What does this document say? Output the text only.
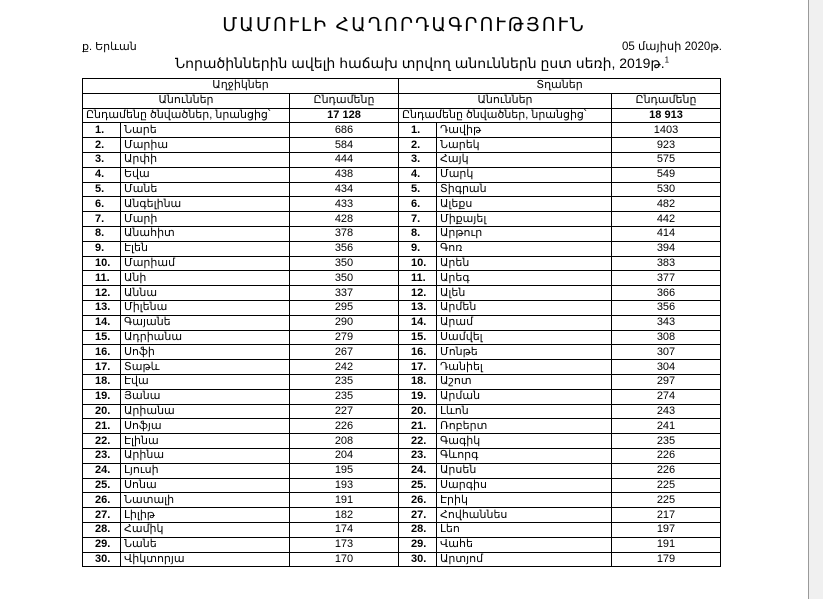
ՄԱՄՈՒԼԻ ՀԱՂՈՐԴԱԳՐՈՒԹՅՈՒՆ
ք. Երևան	05 մայիսի 2020թ.
Նորածիններին ավելի հաճախ տրվող անուններն ըստ սեռի, 2019թ.$^1$
Աղջիկներ			Տղաներ		
Անուններ		Ընդամենը	Անուններ		Ընդամենը
Ընդամենը ծնվածներ, նրանցից՝		17 128	Ընդամենը ծնվածներ, նրանցից՝		18 913
1.	Նարե	686	1.	Դավիթ	1403
2.	Մարիա	584	2.	Նարեկ	923
3.	Արփի	444	3.	Հայկ	575
4.	Եվա	438	4.	Մարկ	549
5.	Մանե	434	5.	Տիգրան	530
6.	Անգելինա	433	6.	Ալեքս	482
7.	Մարի	428	7.	Միքայել	442
8.	Անահիտ	378	8.	Արթուր	414
9.	Էլեն	356	9.	Գոռ	394
10.	Մարիամ	350	10.	Արեն	383
11.	Անի	350	11.	Արեգ	377
12.	Աննա	337	12.	Ալեն	366
13.	Միլենա	295	13.	Արմեն	356
14.	Գայանե	290	14.	Արամ	343
15.	Ադրիանա	279	15.	Սամվել	308
16.	Սոֆի	267	16.	Մոնթե	307
17.	Տաթև	242	17.	Դանիել	304
18.	Էվա	235	18.	Աշոտ	297
19.	Յանա	235	19.	Արման	274
20.	Արիանա	227	20.	Լևոն	243
21.	Սոֆյա	226	21.	Ռոբերտ	241
22.	Էլինա	208	22.	Գագիկ	235
23.	Արինա	204	23.	Գևորգ	226
24.	Լյուսի	195	24.	Արսեն	226
25.	Սոնա	193	25.	Սարգիս	225
26.	Նատալի	191	26.	Էրիկ	225
27.	Լիլիթ	182	27.	Հովհաննես	217
28.	Համիկ	174	28.	Լեո	197
29.	Նանե	173	29.	Վահե	191
30.	Վիկտորյա	170	30.	Արտյոմ	179
